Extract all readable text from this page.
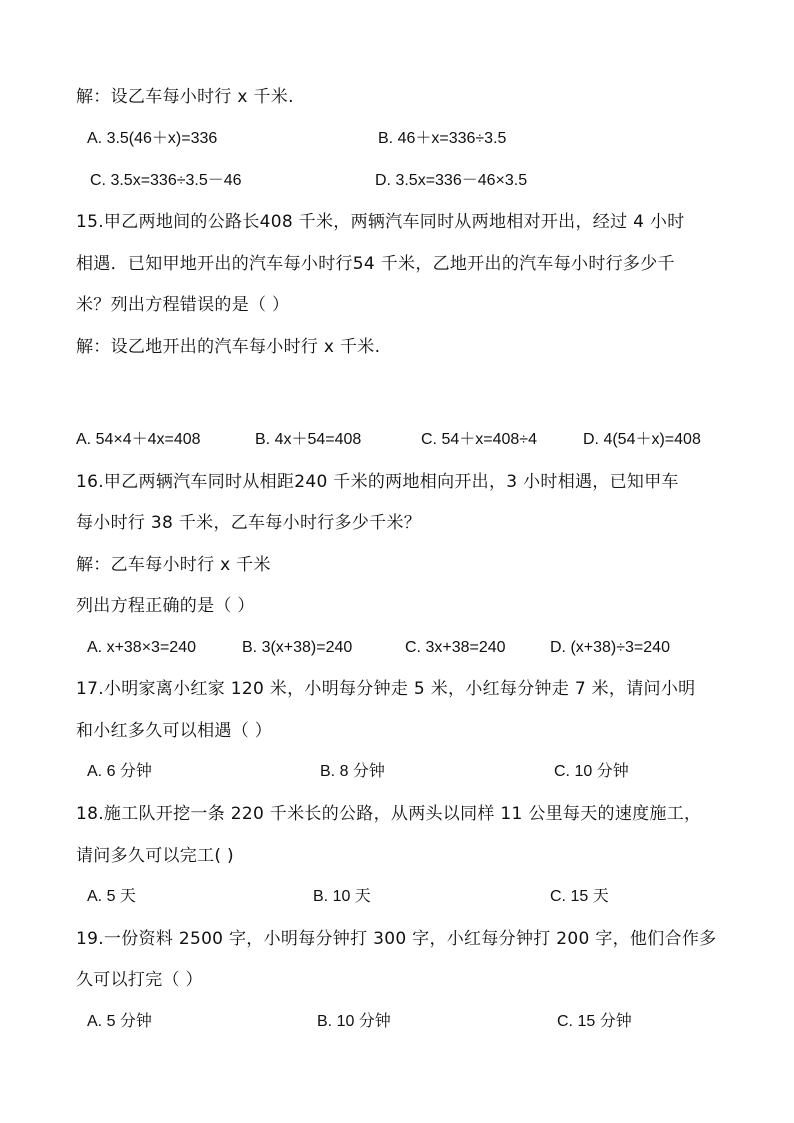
解：设乙车每小时行 x 千米.
A. 3.5(46＋x)=336	B. 46＋x=336÷3.5
C. 3.5x=336÷3.5－46	D. 3.5x=336－46×3.5
15.甲乙两地间的公路长408 千米，两辆汽车同时从两地相对开出，经过 4 小时
相遇．已知甲地开出的汽车每小时行54 千米，乙地开出的汽车每小时行多少千
米？列出方程错误的是（ ）
解：设乙地开出的汽车每小时行 x 千米.
A. 54×4＋4x=408	B. 4x＋54=408	C. 54＋x=408÷4	D. 4(54＋x)=408
16.甲乙两辆汽车同时从相距240 千米的两地相向开出，3 小时相遇，已知甲车
每小时行 38 千米，乙车每小时行多少千米？
解：乙车每小时行 x 千米
列出方程正确的是（ ）
A. x+38×3=240	B. 3(x+38)=240	C. 3x+38=240	D. (x+38)÷3=240
17.小明家离小红家 120 米，小明每分钟走 5 米，小红每分钟走 7 米，请问小明
和小红多久可以相遇（ ）
A. 6 分钟	B. 8 分钟	C. 10 分钟
18.施工队开挖一条 220 千米长的公路，从两头以同样 11 公里每天的速度施工，
请问多久可以完工( )
A. 5 天	B. 10 天	C. 15 天
19.一份资料 2500 字，小明每分钟打 300 字，小红每分钟打 200 字，他们合作多
久可以打完（ ）
A. 5 分钟	B. 10 分钟	C. 15 分钟
